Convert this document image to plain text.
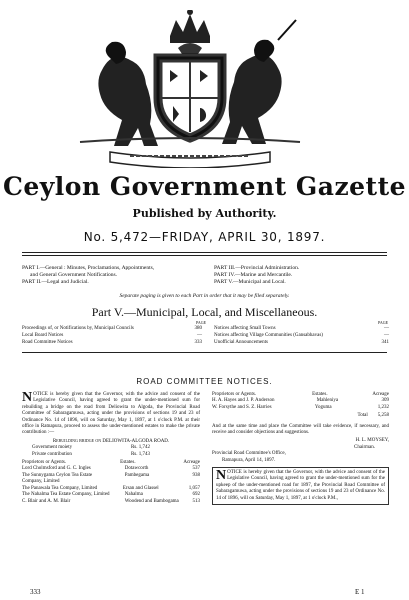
Ceylon Government Gazette
Published by Authority.
No. 5,472—FRIDAY, APRIL 30, 1897.
PART I.—General : Minutes, Proclamations, Appointments,
and General Government Notifications.
PART II.—Legal and Judicial.
PART III.—Provincial Administration.
PART IV.—Marine and Mercantile.
PART V.—Municipal and Local.
Separate paging is given to each Part in order that it may be filed separately.
Part V.—Municipal, Local, and Miscellaneous.
PAGE	PAGE
Proceedings of, or Notifications by, Municipal Councils	380
Local Board Notices	—
Road Committee Notices	333
Notices affecting Small Towns	—
Notices affecting Village Communities (Gansabhavas)	—
Unofficial Announcements	341
ROAD COMMITTEE NOTICES.

NOTICE is hereby given that the Governor, with the advice and consent of the Legislative Council, having agreed to grant the under-mentioned sum for rebuilding a bridge on the road from Deliowita to Algoda, the Provincial Road Committee of Sabaragamuwa, acting under the provisions of sections 19 and 23 of Ordinance No. 14 of 1896, will on Saturday, May 1, 1897, at 1 o'clock P.M. at their office in Ratnapura, proceed to assess the under-mentioned estates to make the private contribution :—

Rebuilding bridge on DELIOWITA-ALGODA ROAD.
Government moiety	Rs. 1,742
Private contribution	Rs. 1,743
Proprietors or Agents.	Estates.	Acreage
Lord Cholmsford and G. C. Ingles	Dotawcorth	537
The Sunnygama Ceylon Tea Estate Company, Limited
Pambegama	938
The Panawala Tea Company, Limited	Ersan and Glassel	1,057
The Nahalma Tea Estate Company, Limited	Nahalma	692
C. Blair and A. M. Blair	Woodend and Bambogama	513
Proprietors or Agents.	Estates.	Acreage
H. A. Hayes and J. P. Anderson	Mahleniya	309
W. Forsythe and S. Z. Harries	Yoguma	1,232
Total 5,258

And at the same time and place the Committee will take evidence, if necessary, and receive and consider objections and suggestions.

H. L. MOYSEY,
Chairman.
Provincial Road Committee's Office,
Ratnapura, April 14, 1897.

NOTICE is hereby given that the Governor, with the advice and consent of the Legislative Council, having agreed to grant the under-mentioned sum for the upkeep of the under-mentioned road for 1897, the Provincial Road Committee of Sabaragamuwa, acting under the provisions of sections 19 and 23 of Ordinance No. 14 of 1896, will on Saturday, May 1, 1897, at 1 o'clock P.M.,

333	E 1
